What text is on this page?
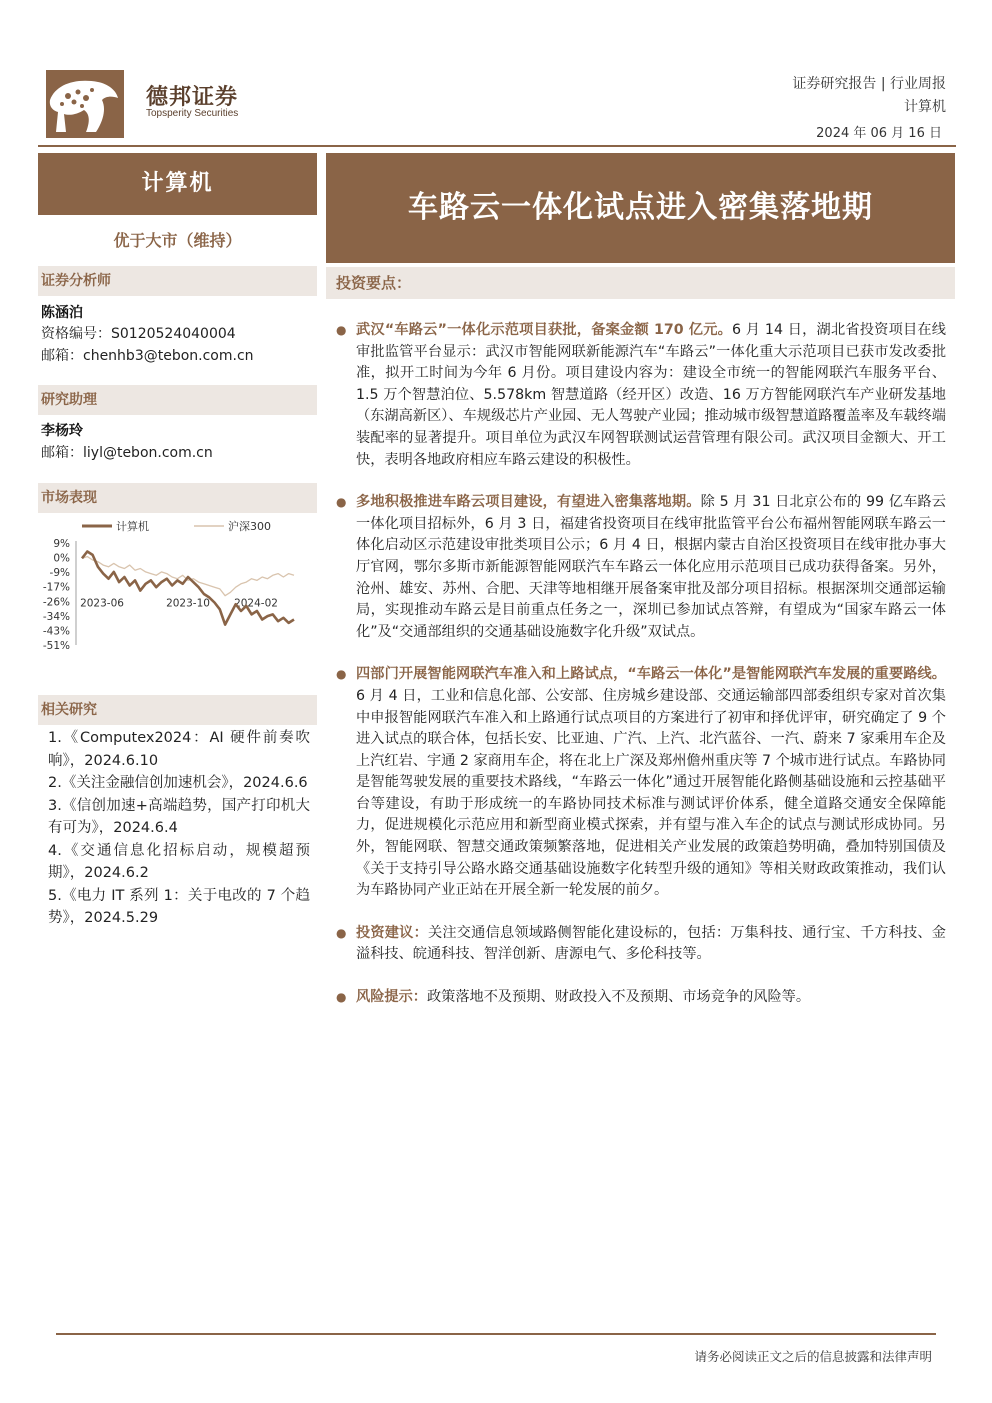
德邦证券
Topsperity Securities
证券研究报告 | 行业周报
计算机
2024 年 06 月 16 日
计算机
优于大市（维持）
证券分析师
陈涵泊
资格编号：S0120524040004
邮箱：chenhb3@tebon.com.cn
研究助理
李杨玲
邮箱：liyl@tebon.com.cn
市场表现
计算机	沪深300
9%
0%
-9%
-17%
-26%
-34%
-43%
-51%
2023-06	2023-10 2024-02
相关研究
1.《Computex2024：AI 硬件前奏吹响》，2024.6.10
2.《关注金融信创加速机会》，2024.6.6
3.《信创加速+高端趋势，国产打印机大有可为》，2024.6.4
4.《交通信息化招标启动，规模超预期》，2024.6.2
5.《电力 IT 系列 1：关于电改的 7 个趋势》，2024.5.29
车路云一体化试点进入密集落地期
投资要点：
● 武汉“车路云”一体化示范项目获批，备案金额 170 亿元。6 月 14 日，湖北省投资项目在线审批监管平台显示：武汉市智能网联新能源汽车“车路云”一体化重大示范项目已获市发改委批准，拟开工时间为今年 6 月份。项目建设内容为：建设全市统一的智能网联汽车服务平台、1.5 万个智慧泊位、5.578km 智慧道路（经开区）改造、16 万方智能网联汽车产业研发基地（东湖高新区）、车规级芯片产业园、无人驾驶产业园；推动城市级智慧道路覆盖率及车载终端装配率的显著提升。项目单位为武汉车网智联测试运营管理有限公司。武汉项目金额大、开工快，表明各地政府相应车路云建设的积极性。
● 多地积极推进车路云项目建设，有望进入密集落地期。除 5 月 31 日北京公布的 99 亿车路云一体化项目招标外，6 月 3 日，福建省投资项目在线审批监管平台公布福州智能网联车路云一体化启动区示范建设审批类项目公示；6 月 4 日，根据内蒙古自治区投资项目在线审批办事大厅官网，鄂尔多斯市新能源智能网联汽车车路云一体化应用示范项目已成功获得备案。另外，沧州、雄安、苏州、合肥、天津等地相继开展备案审批及部分项目招标。根据深圳交通部运输局，实现推动车路云是目前重点任务之一，深圳已参加试点答辩，有望成为“国家车路云一体化”及“交通部组织的交通基础设施数字化升级”双试点。
● 四部门开展智能网联汽车准入和上路试点，“车路云一体化”是智能网联汽车发展的重要路线。6 月 4 日，工业和信息化部、公安部、住房城乡建设部、交通运输部四部委组织专家对首次集中申报智能网联汽车准入和上路通行试点项目的方案进行了初审和择优评审，研究确定了 9 个进入试点的联合体，包括长安、比亚迪、广汽、上汽、北汽蓝谷、一汽、蔚来 7 家乘用车企及上汽红岩、宇通 2 家商用车企，将在北上广深及郑州儋州重庆等 7 个城市进行试点。车路协同是智能驾驶发展的重要技术路线，“车路云一体化”通过开展智能化路侧基础设施和云控基础平台等建设，有助于形成统一的车路协同技术标准与测试评价体系，健全道路交通安全保障能力，促进规模化示范应用和新型商业模式探索，并有望与准入车企的试点与测试形成协同。另外，智能网联、智慧交通政策频繁落地，促进相关产业发展的政策趋势明确，叠加特别国债及《关于支持引导公路水路交通基础设施数字化转型升级的通知》等相关财政政策推动，我们认为车路协同产业正站在开展全新一轮发展的前夕。
● 投资建议：关注交通信息领域路侧智能化建设标的，包括：万集科技、通行宝、千方科技、金溢科技、皖通科技、智洋创新、唐源电气、多伦科技等。
● 风险提示：政策落地不及预期、财政投入不及预期、市场竞争的风险等。
请务必阅读正文之后的信息披露和法律声明
